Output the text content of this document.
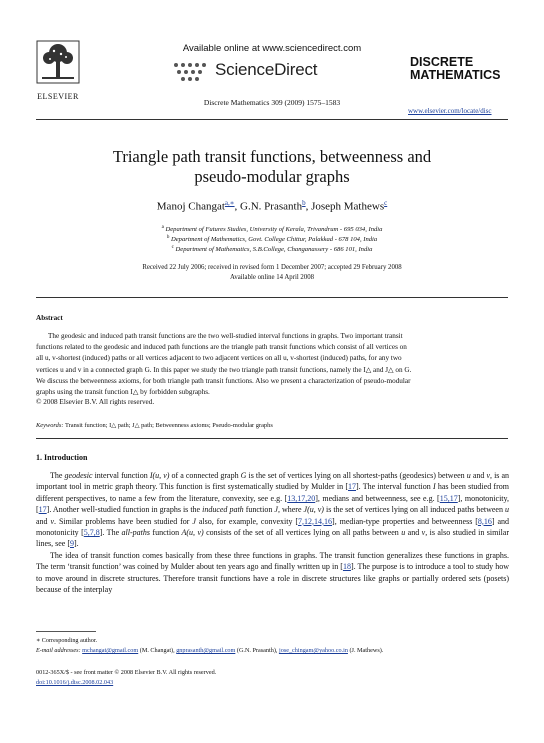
ELSEVIER
Available online at www.sciencedirect.com
ScienceDirect
Discrete Mathematics 309 (2009) 1575–1583
DISCRETE
MATHEMATICS
www.elsevier.com/locate/disc
Triangle path transit functions, betweenness and
pseudo-modular graphs
Manoj Changat$^{a,∗}$, G.N. Prasanth$^b$, Joseph Mathews$^c$
$^a$ Department of Futures Studies, University of Kerala, Trivandrum - 695 034, India
$^b$ Department of Mathematics, Govt. College Chittur, Palakkad - 678 104, India
$^c$ Department of Mathematics, S.B.College, Changanassery - 686 101, India
Received 22 July 2006; received in revised form 1 December 2007; accepted 29 February 2008
Available online 14 April 2008
Abstract
The geodesic and induced path transit functions are the two well-studied interval functions in graphs. Two important transit
functions related to the geodesic and induced path functions are the triangle path transit functions which consist of all vertices on
all u, v-shortest (induced) paths or all vertices adjacent to two adjacent vertices on all u, v-shortest (induced) paths, for any two
vertices u and v in a connected graph G. In this paper we study the two triangle path transit functions, namely the I△ and J△ on G.
We discuss the betweenness axioms, for both triangle path transit functions. Also we present a characterization of pseudo-modular
graphs using the transit function I△ by forbidden subgraphs.
© 2008 Elsevier B.V. All rights reserved.
Keywords: Transit function; I△ path; J△ path; Betweenness axioms; Pseudo-modular graphs
1. Introduction

The geodesic interval function I(u, v) of a connected graph G is the set of vertices lying on all shortest-paths (geodesics) between u and v, is an important tool in metric graph theory. This function is first systematically studied by Mulder in [17]. The interval function I has been studied from different perspectives, to name a few from the literature, convexity, see e.g. [13,17,20], medians and betweenness, see e.g. [15,17], monotonicity, [17]. Another well-studied function in graphs is the induced path function J, where J(u, v) is the set of vertices lying on all induced paths between u and v. Similar problems have been studied for J also, for example, convexity [7,12,14,16], median-type properties and betweenness [8,16] and monotonicity [5,7,8]. The all-paths function A(u, v) consists of the set of all vertices lying on all paths between u and v, is also studied in similar lines, see [9].

The idea of transit function comes basically from these three functions in graphs. The transit function generalizes these functions in graphs. The term ‘transit function’ was coined by Mulder about ten years ago and finally written up in [18]. The purpose is to introduce a tool to study how to move around in discrete structures. Therefore transit functions have a role in discrete structures like graphs or partially ordered sets (posets) because of the interplay

∗ Corresponding author.
E-mail addresses: mchangat@gmail.com (M. Changat), gnprasanth@gmail.com (G.N. Prasanth), jose_chingam@yahoo.co.in (J. Mathews).
0012-365X/$ - see front matter © 2008 Elsevier B.V. All rights reserved.
doi:10.1016/j.disc.2008.02.043
